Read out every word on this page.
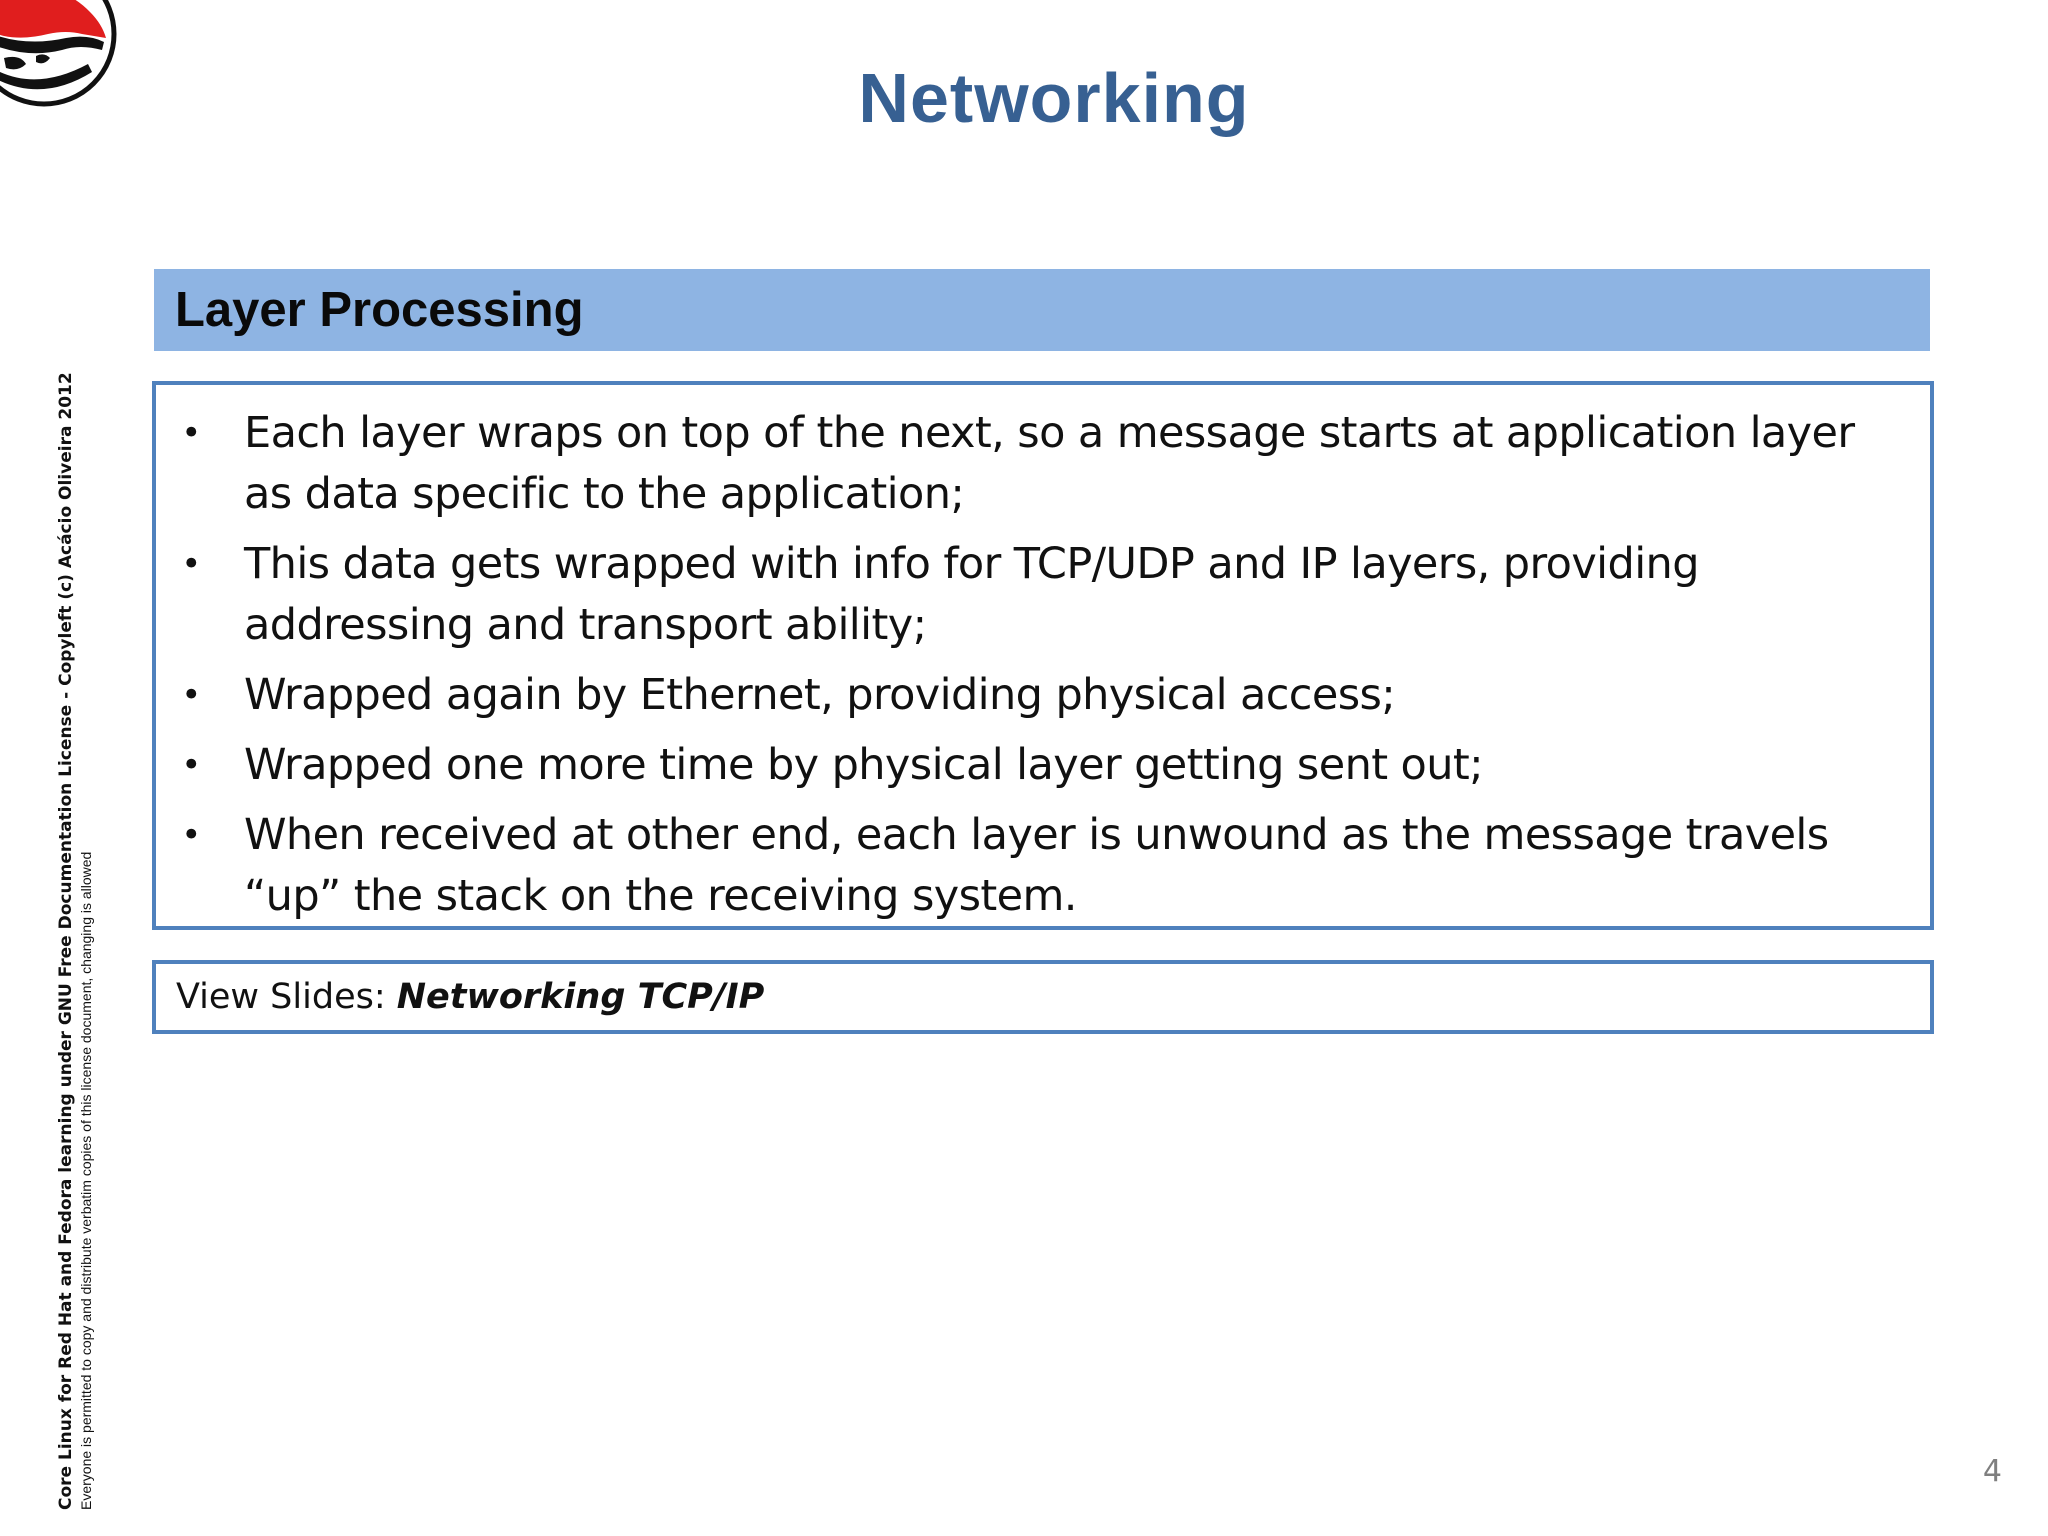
Networking
Layer Processing
• Each layer wraps on top of the next, so a message starts at application layer as data specific to the application;
• This data gets wrapped with info for TCP/UDP and IP layers, providing addressing and transport ability;
• Wrapped again by Ethernet, providing physical access;
• Wrapped one more time by physical layer getting sent out;
• When received at other end, each layer is unwound as the message travels “up” the stack on the receiving system.
View Slides: Networking TCP/IP
Core Linux for Red Hat and Fedora learning under GNU Free Documentation License - Copyleft (c) Acácio Oliveira 2012 Everyone is permitted to copy and distribute verbatim copies of this license document, changing is allowed	4
